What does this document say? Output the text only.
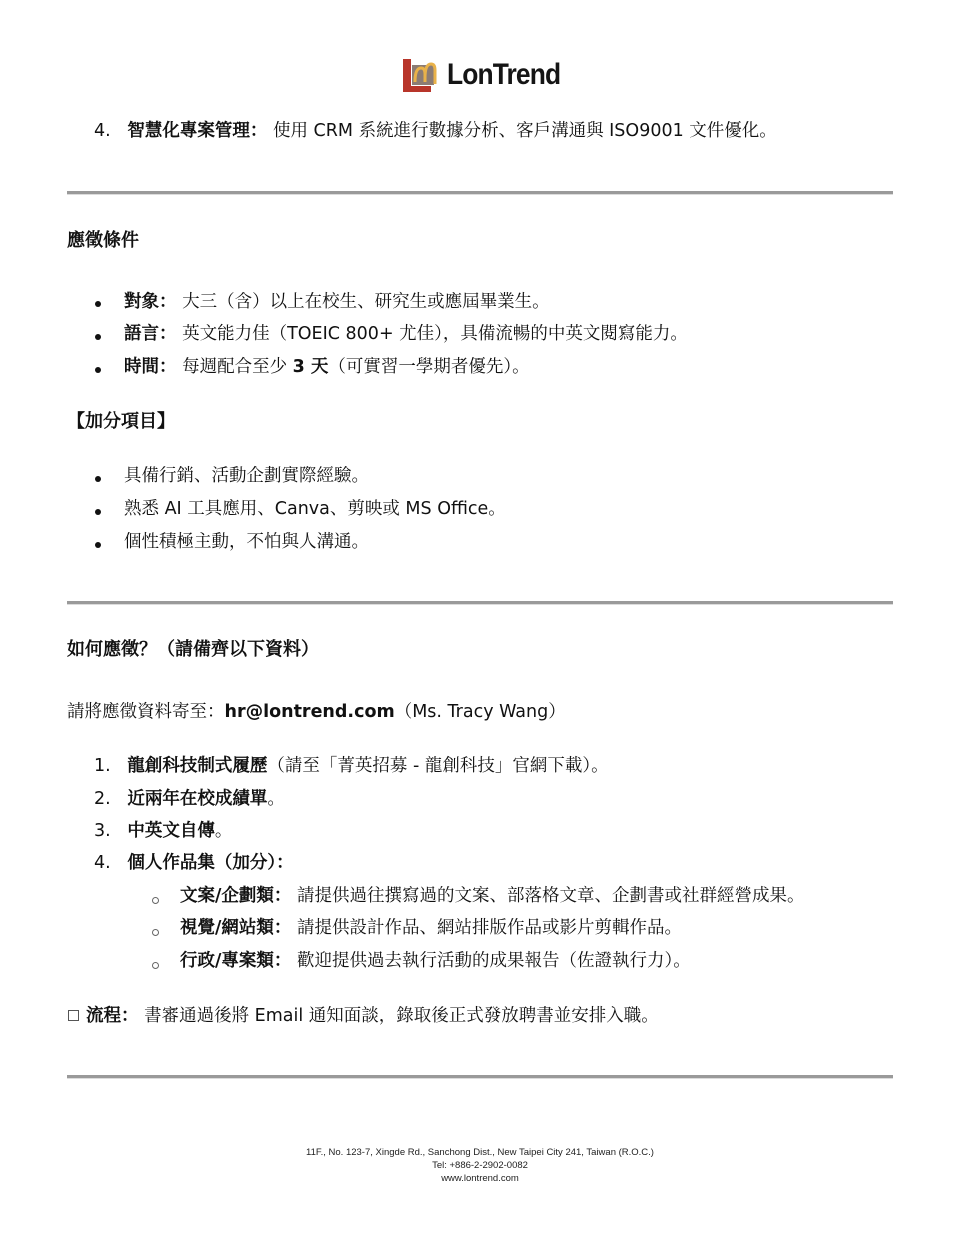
LonTrend
4. 智慧化專案管理： 使用 CRM 系統進行數據分析、客戶溝通與 ISO9001 文件優化。
應徵條件
對象： 大三（含）以上在校生、研究生或應屆畢業生。
語言： 英文能力佳（TOEIC 800+ 尤佳），具備流暢的中英文閱寫能力。
時間： 每週配合至少 3 天（可實習一學期者優先）。
【加分項目】
具備行銷、活動企劃實際經驗。
熟悉 AI 工具應用、Canva、剪映或 MS Office。
個性積極主動，不怕與人溝通。
如何應徵？（請備齊以下資料）
請將應徵資料寄至：hr@lontrend.com（Ms. Tracy Wang）
1. 龍創科技制式履歷（請至「菁英招募 - 龍創科技」官網下載）。
2. 近兩年在校成績單。
3. 中英文自傳。
4. 個人作品集（加分）：
文案/企劃類： 請提供過往撰寫過的文案、部落格文章、企劃書或社群經營成果。
視覺/網站類： 請提供設計作品、網站排版作品或影片剪輯作品。
行政/專案類： 歡迎提供過去執行活動的成果報告（佐證執行力）。
流程： 書審通過後將 Email 通知面談，錄取後正式發放聘書並安排入職。
11F., No. 123-7, Xingde Rd., Sanchong Dist., New Taipei City 241, Taiwan (R.O.C.)
Tel: +886-2-2902-0082
www.lontrend.com
